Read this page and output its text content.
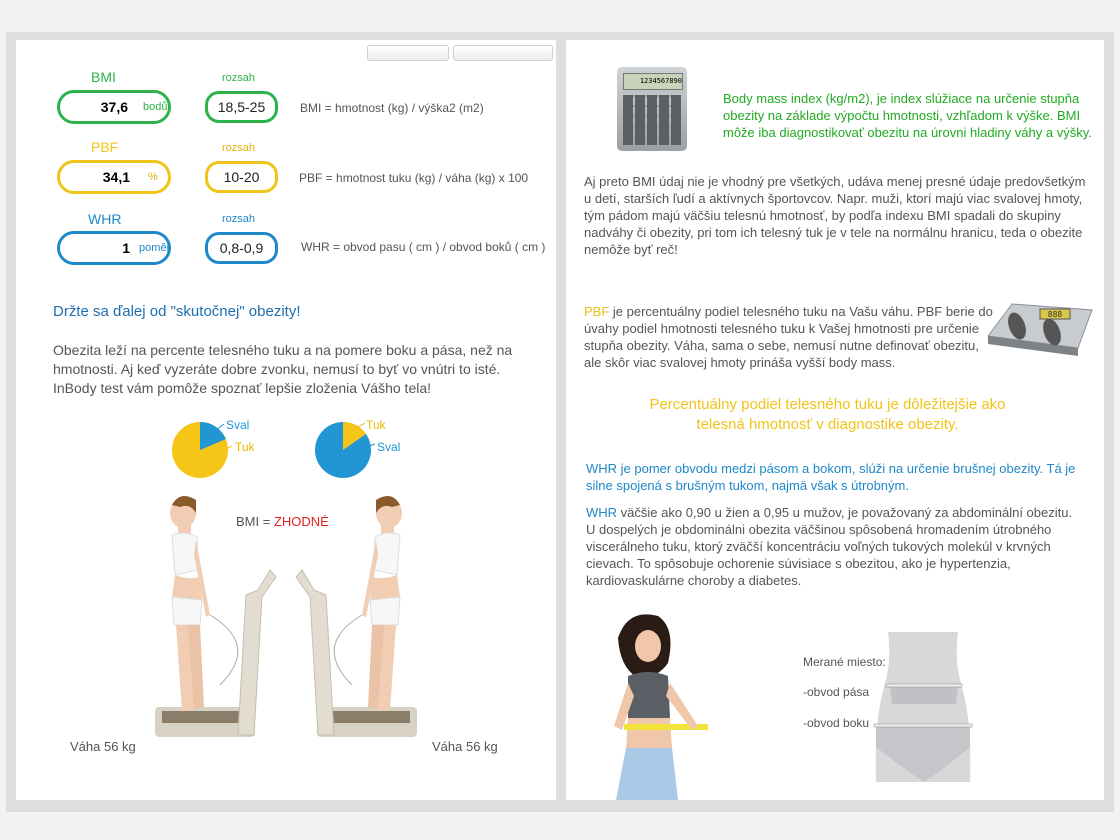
BMI	rozsah
37,6 bodů	18,5-25	BMI = hmotnost (kg) / výška2 (m2)
PBF	rozsah
34,1 %	10-20	PBF = hmotnost tuku (kg) / váha (kg) x 100
WHR	rozsah
1 poměr	0,8-0,9	WHR = obvod pasu ( cm ) / obvod boků ( cm )
Držte sa ďalej od "skutočnej" obezity!
Obezita leží na percente telesného tuku a na pomere boku a pása, než na hmotnosti. Aj keď vyzeráte dobre zvonku, nemusí to byť vo vnútri to isté. InBody test vám pomôže spoznať lepšie zloženia Vášho tela!
Sval
Tuk
Tuk
Sval
BMI = ZHODNÉ
Váha 56 kg	Váha 56 kg
1234567890
Body mass index (kg/m2), je index slúžiace na určenie stupňa obezity na základe výpočtu hmotnosti, vzhľadom k výške. BMI môže iba diagnostikovať obezitu na úrovni hladiny váhy a výšky.
Aj preto BMI údaj nie je vhodný pre všetkých, udáva menej presné údaje predovšetkým u detí, starších ľudí a aktívnych športovcov. Napr. muži, ktorí majú viac svalovej hmoty, tým pádom majú väčšiu telesnú hmotnosť, by podľa indexu BMI spadali do skupiny nadváhy či obezity, pri tom ich telesný tuk je v tele na normálnu hranicu, teda o obezite nemôže byť reč!
PBF je percentuálny podiel telesného tuku na Vašu váhu. PBF berie do úvahy podiel hmotnosti telesného tuku k Vašej hmotnosti pre určenie stupňa obezity. Váha, sama o sebe, nemusí nutne definovať obezitu, ale skôr viac svalovej hmoty prináša vyšší body mass.
888
Percentuálny podiel telesného tuku je dôležitejšie ako telesná hmotnosť v diagnostike obezity.
WHR je pomer obvodu medzi pásom a bokom, slúži na určenie brušnej obezity. Tá je silne spojená s brušným tukom, najmä však s útrobným.
WHR väčšie ako 0,90 u žien a 0,95 u mužov, je považovaný za abdominální obezitu. U dospelých je obdominálnі obezita väčšinou spôsobená hromadením útrobného viscerálneho tuku, ktorý zväčší koncentráciu voľných tukových molekúl v krvných cievach. To spôsobuje ochorenie súvisiace s obezitou, ako je hypertenzia, kardiovaskulárne choroby a diabetes.
Merané miesto:
-obvod pása
-obvod boku
